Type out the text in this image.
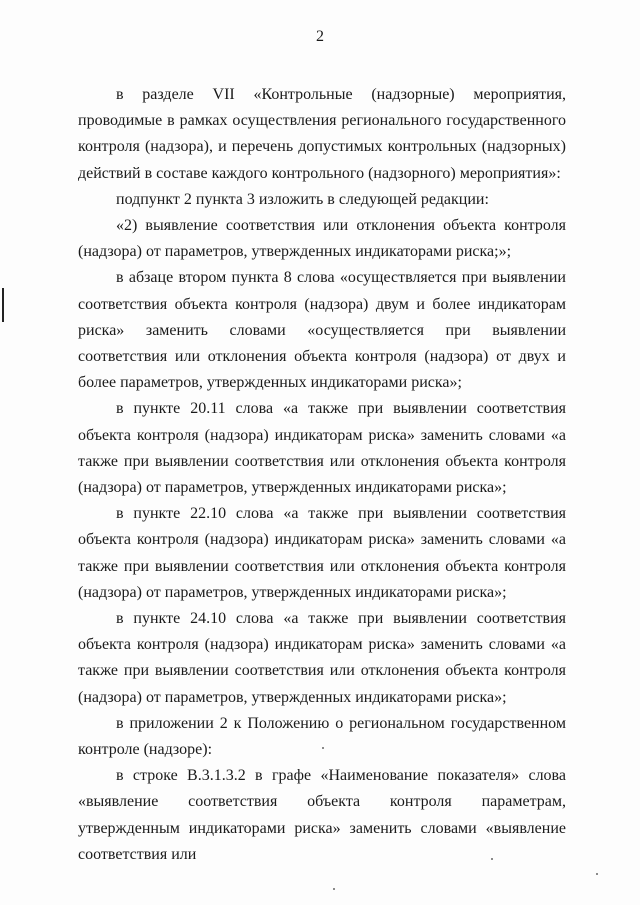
2

в разделе VII «Контрольные (надзорные) мероприятия, проводимые в рамках осуществления регионального государственного контроля (надзора), и перечень допустимых контрольных (надзорных) действий в составе каждого контрольного (надзорного) мероприятия»:

подпункт 2 пункта 3 изложить в следующей редакции:

«2) выявление соответствия или отклонения объекта контроля (надзора) от параметров, утвержденных индикаторами риска;»;

в абзаце втором пункта 8 слова «осуществляется при выявлении соответствия объекта контроля (надзора) двум и более индикаторам риска» заменить словами «осуществляется при выявлении соответствия или отклонения объекта контроля (надзора) от двух и более параметров, утвержденных индикаторами риска»;

в пункте 20.11 слова «а также при выявлении соответствия объекта контроля (надзора) индикаторам риска» заменить словами «а также при выявлении соответствия или отклонения объекта контроля (надзора) от параметров, утвержденных индикаторами риска»;

в пункте 22.10 слова «а также при выявлении соответствия объекта контроля (надзора) индикаторам риска» заменить словами «а также при выявлении соответствия или отклонения объекта контроля (надзора) от параметров, утвержденных индикаторами риска»;

в пункте 24.10 слова «а также при выявлении соответствия объекта контроля (надзора) индикаторам риска» заменить словами «а также при выявлении соответствия или отклонения объекта контроля (надзора) от параметров, утвержденных индикаторами риска»;

в приложении 2 к Положению о региональном государственном контроле (надзоре):

в строке В.3.1.3.2 в графе «Наименование показателя» слова «выявление соответствия объекта контроля параметрам, утвержденным индикаторами риска» заменить словами «выявление соответствия или
